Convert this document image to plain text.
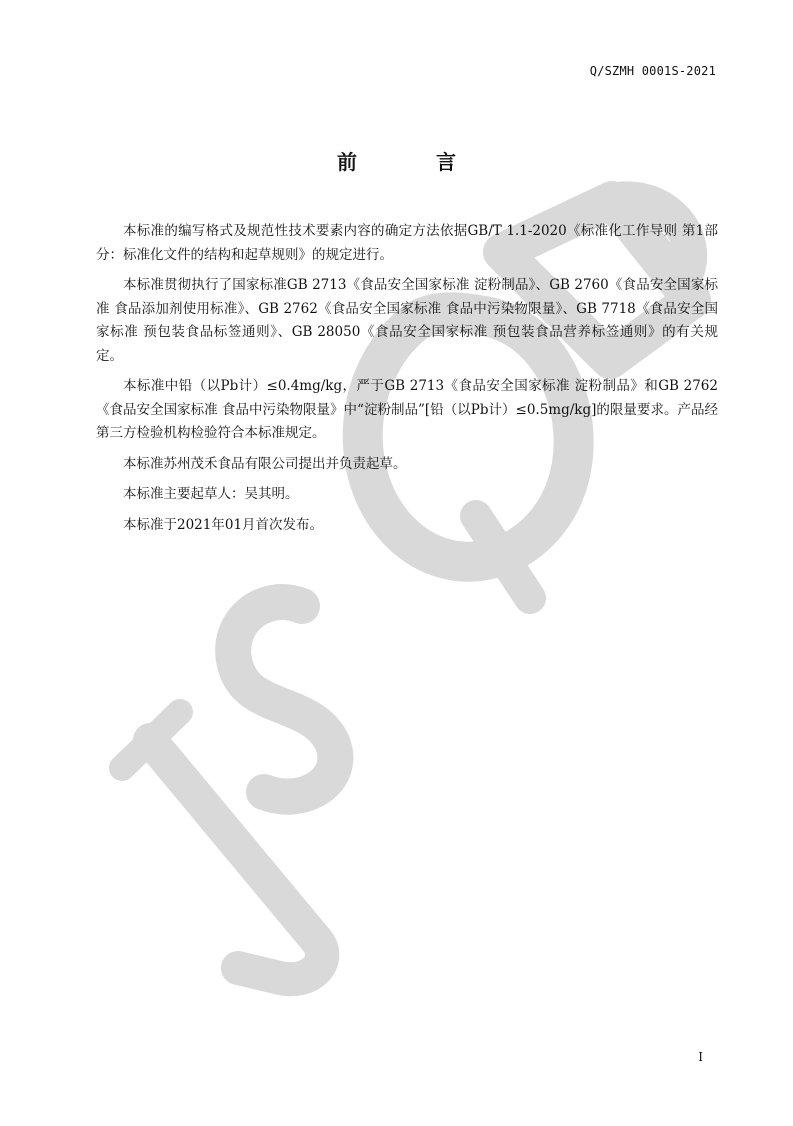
Q/SZMH 0001S-2021
前 言

本标准的编写格式及规范性技术要素内容的确定方法依据GB/T 1.1-2020《标准化工作导则 第1部分：标准化文件的结构和起草规则》的规定进行。

本标准贯彻执行了国家标准GB 2713《食品安全国家标准 淀粉制品》、GB 2760《食品安全国家标准 食品添加剂使用标准》、GB 2762《食品安全国家标准 食品中污染物限量》、GB 7718《食品安全国家标准 预包装食品标签通则》、GB 28050《食品安全国家标准 预包装食品营养标签通则》的有关规定。

本标准中铅（以Pb计）≤0.4mg/kg，严于GB 2713《食品安全国家标准 淀粉制品》和GB 2762《食品安全国家标准 食品中污染物限量》中“淀粉制品”[铅（以Pb计）≤0.5mg/kg]的限量要求。产品经第三方检验机构检验符合本标准规定。

本标准苏州茂禾食品有限公司提出并负责起草。

本标准主要起草人：吴其明。

本标准于2021年01月首次发布。

I
